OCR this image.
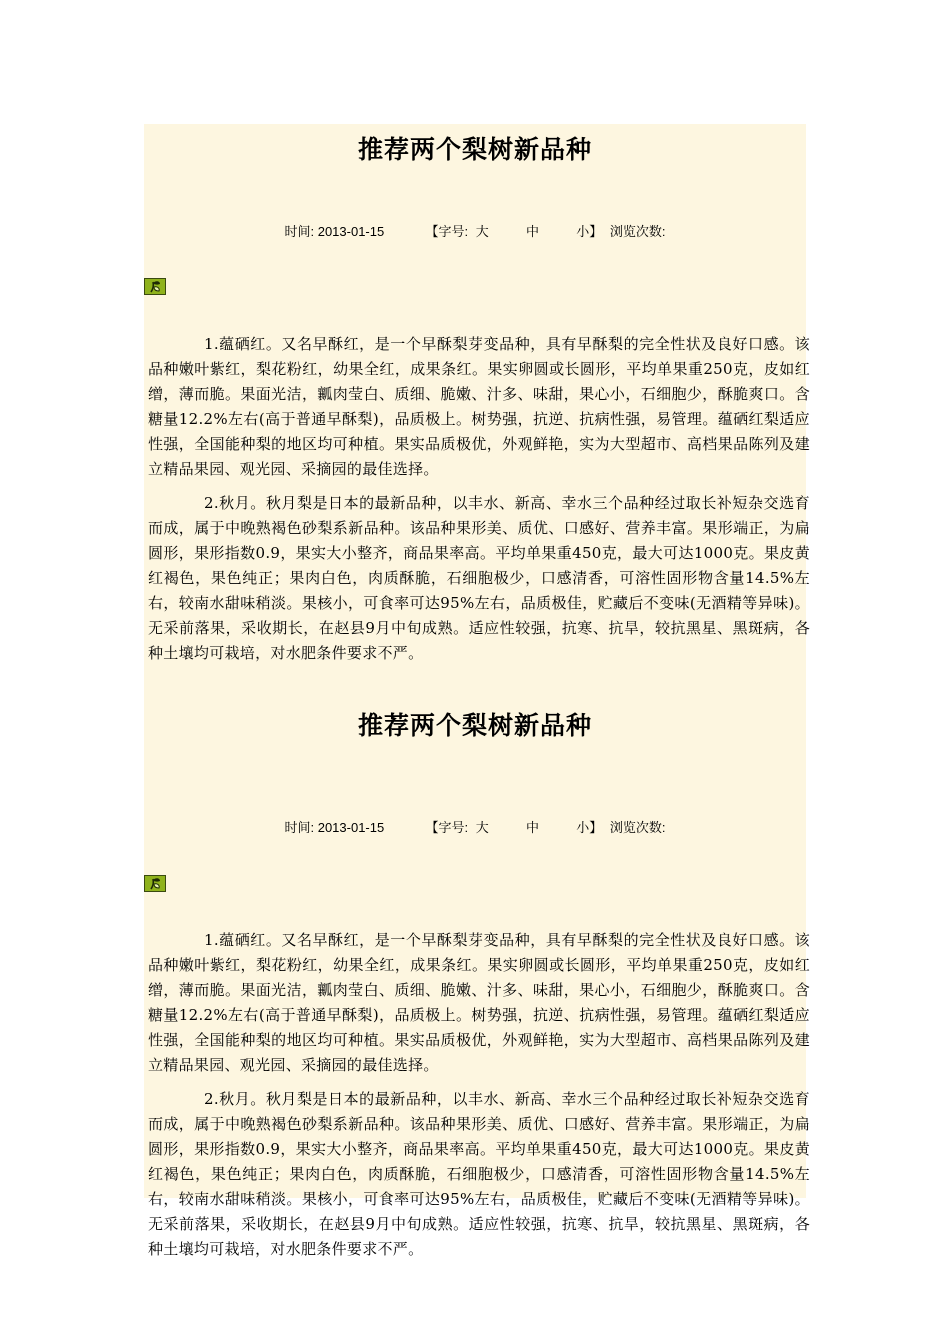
推荐两个梨树新品种
时间: 2013-01-15	【字号: 大	中	小】 浏览次数:

1.蕴硒红。又名早酥红，是一个早酥梨芽变品种，具有早酥梨的完全性状及良好口感。该品种嫩叶紫红，梨花粉红，幼果全红，成果条红。果实卵圆或长圆形，平均单果重250克，皮如红缯，薄而脆。果面光洁，瓤肉莹白、质细、脆嫩、汁多、味甜，果心小，石细胞少，酥脆爽口。含糖量12.2%左右(高于普通早酥梨)，品质极上。树势强，抗逆、抗病性强，易管理。蕴硒红梨适应性强，全国能种梨的地区均可种植。果实品质极优，外观鲜艳，实为大型超市、高档果品陈列及建立精品果园、观光园、采摘园的最佳选择。

2.秋月。秋月梨是日本的最新品种，以丰水、新高、幸水三个品种经过取长补短杂交选育而成，属于中晚熟褐色砂梨系新品种。该品种果形美、质优、口感好、营养丰富。果形端正，为扁圆形，果形指数0.9，果实大小整齐，商品果率高。平均单果重450克，最大可达1000克。果皮黄红褐色，果色纯正；果肉白色，肉质酥脆，石细胞极少，口感清香，可溶性固形物含量14.5%左右，较南水甜味稍淡。果核小，可食率可达95%左右，品质极佳，贮藏后不变味(无酒精等异味)。无采前落果，采收期长，在赵县9月中旬成熟。适应性较强，抗寒、抗旱，较抗黑星、黑斑病，各种土壤均可栽培，对水肥条件要求不严。

推荐两个梨树新品种
时间: 2013-01-15	【字号: 大	中	小】 浏览次数:

1.蕴硒红。又名早酥红，是一个早酥梨芽变品种，具有早酥梨的完全性状及良好口感。该品种嫩叶紫红，梨花粉红，幼果全红，成果条红。果实卵圆或长圆形，平均单果重250克，皮如红缯，薄而脆。果面光洁，瓤肉莹白、质细、脆嫩、汁多、味甜，果心小，石细胞少，酥脆爽口。含糖量12.2%左右(高于普通早酥梨)，品质极上。树势强，抗逆、抗病性强，易管理。蕴硒红梨适应性强，全国能种梨的地区均可种植。果实品质极优，外观鲜艳，实为大型超市、高档果品陈列及建立精品果园、观光园、采摘园的最佳选择。

2.秋月。秋月梨是日本的最新品种，以丰水、新高、幸水三个品种经过取长补短杂交选育而成，属于中晚熟褐色砂梨系新品种。该品种果形美、质优、口感好、营养丰富。果形端正，为扁圆形，果形指数0.9，果实大小整齐，商品果率高。平均单果重450克，最大可达1000克。果皮黄红褐色，果色纯正；果肉白色，肉质酥脆，石细胞极少，口感清香，可溶性固形物含量14.5%左右，较南水甜味稍淡。果核小，可食率可达95%左右，品质极佳，贮藏后不变味(无酒精等异味)。无采前落果，采收期长，在赵县9月中旬成熟。适应性较强，抗寒、抗旱，较抗黑星、黑斑病，各种土壤均可栽培，对水肥条件要求不严。
